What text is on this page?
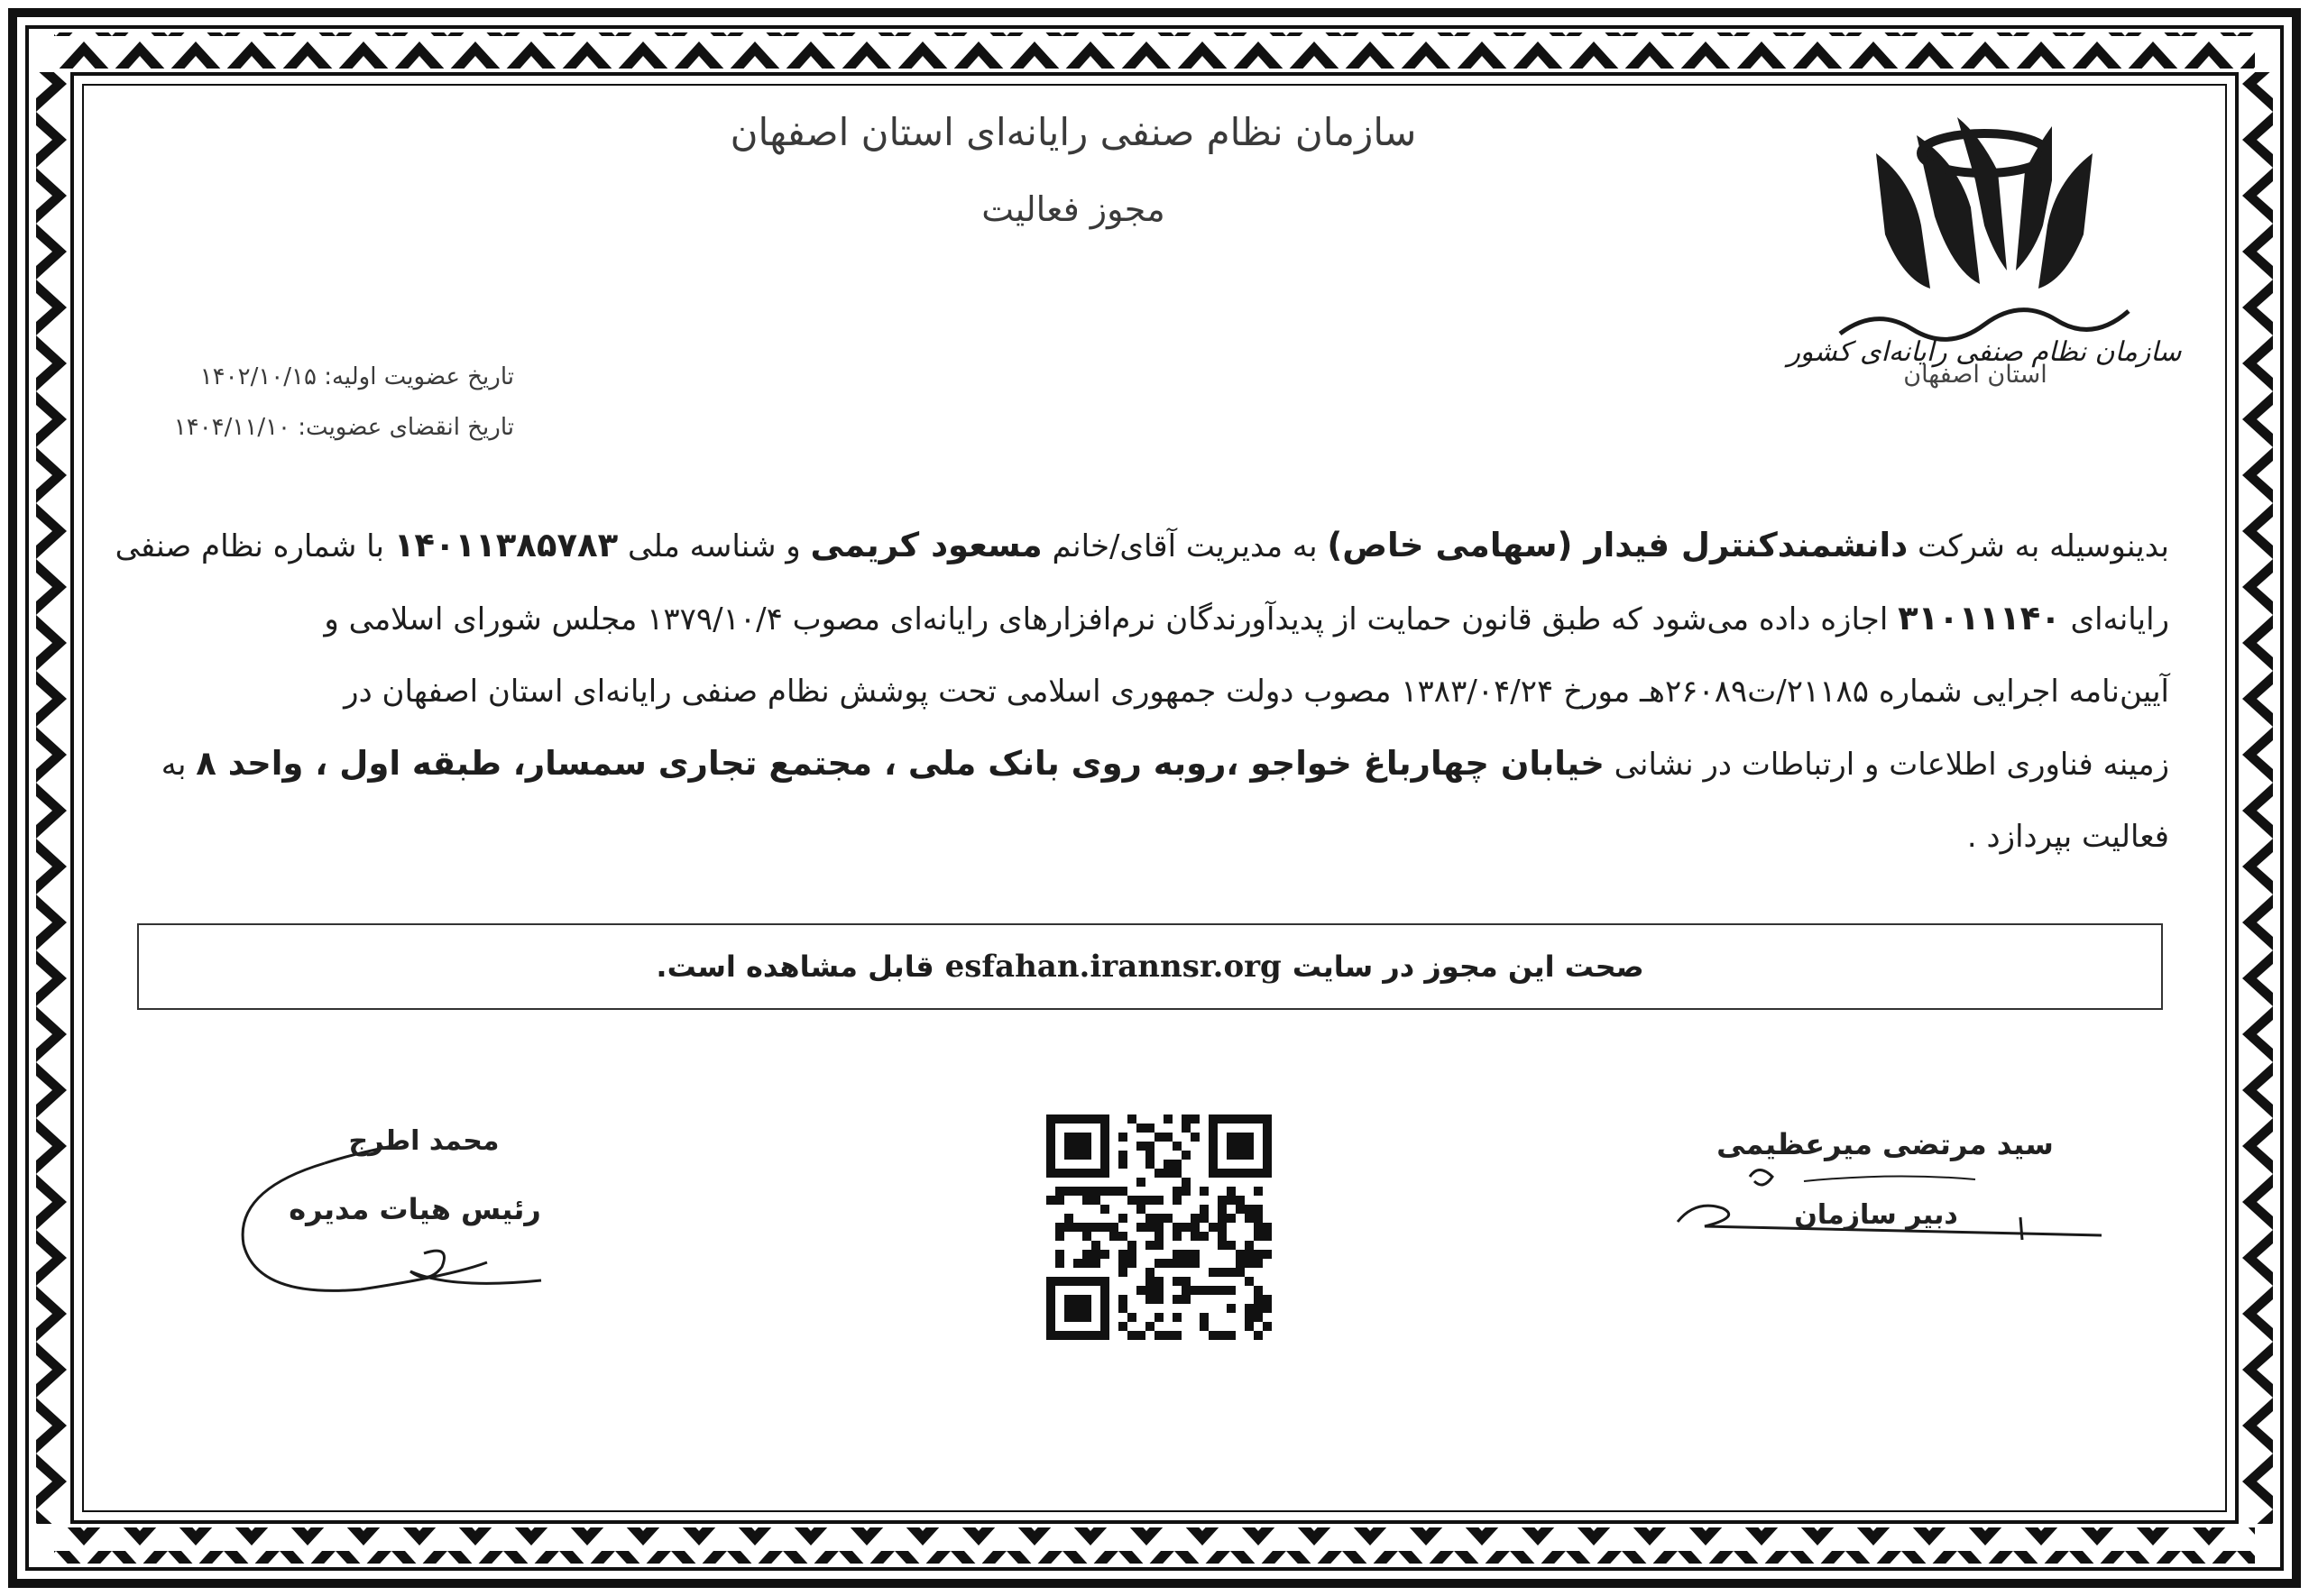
سازمان نظام صنفی رایانه‌ای استان اصفهان
مجوز فعالیت
سازمان نظام صنفی رایانه‌ای کشور
استان اصفهان
تاریخ عضویت اولیه: ۱۴۰۲/۱۰/۱۵
تاریخ انقضای عضویت: ۱۴۰۴/۱۱/۱۰
بدینوسیله به شرکت دانشمندکنترل فیدار (سهامی خاص) به مدیریت آقای/خانم مسعود کریمی و شناسه ملی ۱۴۰۱۱۳۸۵۷۸۳ با شماره نظام صنفی
رایانه‌ای ۳۱۰۱۱۱۴۰ اجازه داده می‌شود که طبق قانون حمایت از پدیدآورندگان نرم‌افزارهای رایانه‌ای مصوب ۱۳۷۹/۱۰/۴ مجلس شورای اسلامی و
آیین‌نامه اجرایی شماره ۲۱۱۸۵/ت۲۶۰۸۹هـ مورخ ۱۳۸۳/۰۴/۲۴ مصوب دولت جمهوری اسلامی تحت پوشش نظام صنفی رایانه‌ای استان اصفهان در
زمینه فناوری اطلاعات و ارتباطات در نشانی خیابان چهارباغ خواجو ،روبه روی بانک ملی ، مجتمع تجاری سمسار، طبقه اول ، واحد ۸ به
فعالیت بپردازد .
صحت این مجوز در سایت
esfahan.irannsr.org
قابل مشاهده است.
محمد اطرج
رئیس هیات مدیره
سید مرتضی میرعظیمی
دبیر سازمان
